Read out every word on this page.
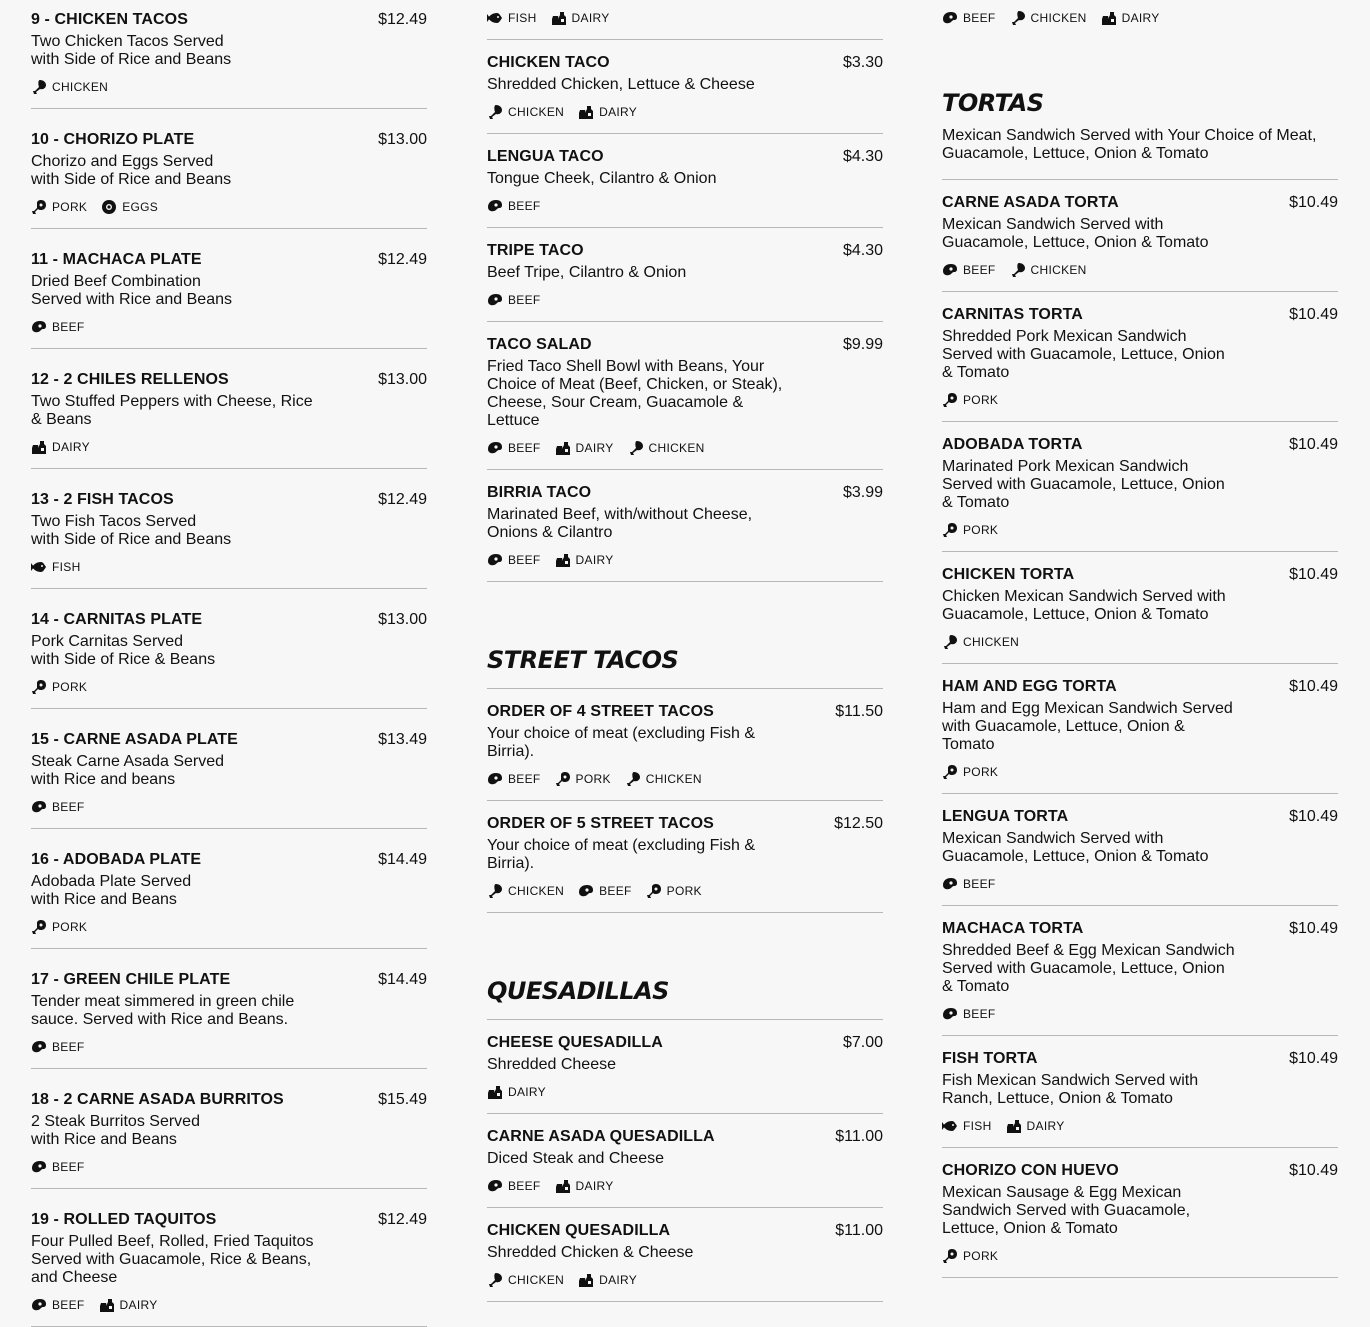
9 - CHICKEN TACOS	$12.49
Two Chicken Tacos Served
with Side of Rice and Beans
CHICKEN
10 - CHORIZO PLATE	$13.00
Chorizo and Eggs Served
with Side of Rice and Beans
PORK	EGGS
11 - MACHACA PLATE	$12.49
Dried Beef Combination
Served with Rice and Beans
BEEF
12 - 2 CHILES RELLENOS	$13.00
Two Stuffed Peppers with Cheese, Rice
& Beans
DAIRY
13 - 2 FISH TACOS	$12.49
Two Fish Tacos Served
with Side of Rice and Beans
FISH
14 - CARNITAS PLATE	$13.00
Pork Carnitas Served
with Side of Rice & Beans
PORK
15 - CARNE ASADA PLATE	$13.49
Steak Carne Asada Served
with Rice and beans
BEEF
16 - ADOBADA PLATE	$14.49
Adobada Plate Served
with Rice and Beans
PORK
17 - GREEN CHILE PLATE	$14.49
Tender meat simmered in green chile
sauce. Served with Rice and Beans.
BEEF
18 - 2 CARNE ASADA BURRITOS	$15.49
2 Steak Burritos Served
with Rice and Beans
BEEF
19 - ROLLED TAQUITOS	$12.49
Four Pulled Beef, Rolled, Fried Taquitos
Served with Guacamole, Rice & Beans,
and Cheese
BEEF	DAIRY
FISH	DAIRY
CHICKEN TACO	$3.30
Shredded Chicken, Lettuce & Cheese
CHICKEN	DAIRY
LENGUA TACO	$4.30
Tongue Cheek, Cilantro & Onion
BEEF
TRIPE TACO	$4.30
Beef Tripe, Cilantro & Onion
BEEF
TACO SALAD	$9.99
Fried Taco Shell Bowl with Beans, Your
Choice of Meat (Beef, Chicken, or Steak),
Cheese, Sour Cream, Guacamole &
Lettuce
BEEF	DAIRY	CHICKEN
BIRRIA TACO	$3.99
Marinated Beef, with/without Cheese,
Onions & Cilantro
BEEF	DAIRY
STREET TACOS
ORDER OF 4 STREET TACOS	$11.50
Your choice of meat (excluding Fish &
Birria).
BEEF	PORK	CHICKEN
ORDER OF 5 STREET TACOS	$12.50
Your choice of meat (excluding Fish &
Birria).
CHICKEN	BEEF	PORK
QUESADILLAS
CHEESE QUESADILLA	$7.00
Shredded Cheese
DAIRY
CARNE ASADA QUESADILLA	$11.00
Diced Steak and Cheese
BEEF	DAIRY
CHICKEN QUESADILLA	$11.00
Shredded Chicken & Cheese
CHICKEN	DAIRY
BEEF	CHICKEN	DAIRY
TORTAS
Mexican Sandwich Served with Your Choice of Meat,
Guacamole, Lettuce, Onion & Tomato
CARNE ASADA TORTA	$10.49
Mexican Sandwich Served with
Guacamole, Lettuce, Onion & Tomato
BEEF	CHICKEN
CARNITAS TORTA	$10.49
Shredded Pork Mexican Sandwich
Served with Guacamole, Lettuce, Onion
& Tomato
PORK
ADOBADA TORTA	$10.49
Marinated Pork Mexican Sandwich
Served with Guacamole, Lettuce, Onion
& Tomato
PORK
CHICKEN TORTA	$10.49
Chicken Mexican Sandwich Served with
Guacamole, Lettuce, Onion & Tomato
CHICKEN
HAM AND EGG TORTA	$10.49
Ham and Egg Mexican Sandwich Served
with Guacamole, Lettuce, Onion &
Tomato
PORK
LENGUA TORTA	$10.49
Mexican Sandwich Served with
Guacamole, Lettuce, Onion & Tomato
BEEF
MACHACA TORTA	$10.49
Shredded Beef & Egg Mexican Sandwich
Served with Guacamole, Lettuce, Onion
& Tomato
BEEF
FISH TORTA	$10.49
Fish Mexican Sandwich Served with
Ranch, Lettuce, Onion & Tomato
FISH	DAIRY
CHORIZO CON HUEVO	$10.49
Mexican Sausage & Egg Mexican
Sandwich Served with Guacamole,
Lettuce, Onion & Tomato
PORK
